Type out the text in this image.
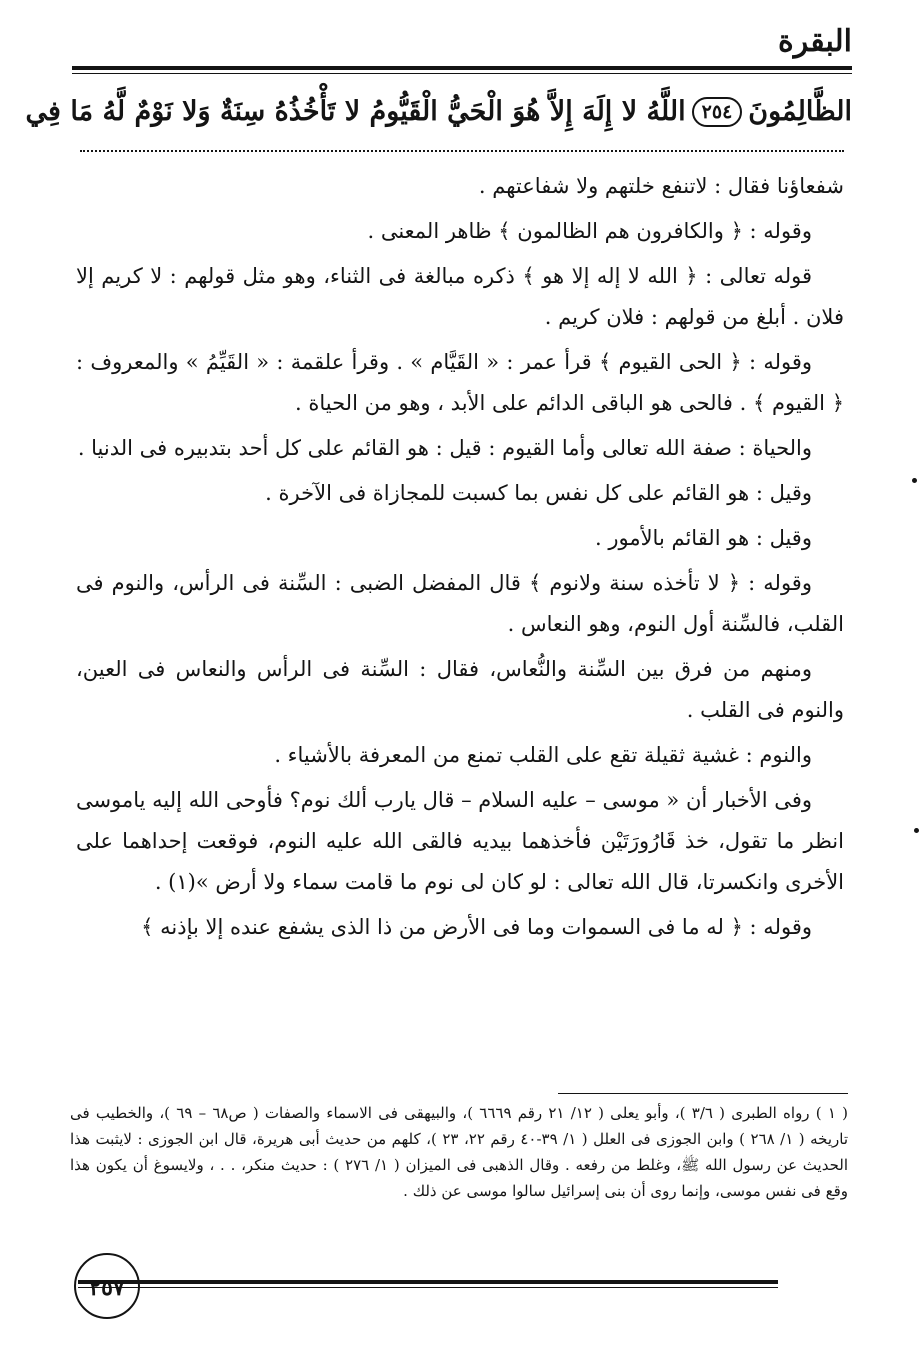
البقرة
الظَّالِمُونَ
٢٥٤
اللَّهُ لا إِلَهَ إِلاَّ هُوَ الْحَيُّ الْقَيُّومُ لا تَأْخُذُهُ سِنَةٌ وَلا نَوْمٌ لَّهُ مَا فِي

شفعاؤنا فقال : لاتنفع خلتهم ولا شفاعتهم .

وقوله : ﴿ والكافرون هم الظالمون ﴾ ظاهر المعنى .

قوله تعالى : ﴿ الله لا إله إلا هو ﴾ ذكره مبالغة فى الثناء، وهو مثل قولهم : لا كريم إلا فلان . أبلغ من قولهم : فلان كريم .

وقوله : ﴿ الحى القيوم ﴾ قرأ عمر : « القَيَّام » . وقرأ علقمة : « القَيِّمُ » والمعروف : ﴿ القيوم ﴾ . فالحى هو الباقى الدائم على الأبد ، وهو من الحياة .

والحياة : صفة الله تعالى وأما القيوم : قيل : هو القائم على كل أحد بتدبيره فى الدنيا .

وقيل : هو القائم على كل نفس بما كسبت للمجازاة فى الآخرة .

وقيل : هو القائم بالأمور .

وقوله : ﴿ لا تأخذه سنة ولانوم ﴾ قال المفضل الضبى : السِّنة فى الرأس، والنوم فى القلب، فالسِّنة أول النوم، وهو النعاس .

ومنهم من فرق بين السِّنة والنُّعاس، فقال : السِّنة فى الرأس والنعاس فى العين، والنوم فى القلب .

والنوم : غشية ثقيلة تقع على القلب تمنع من المعرفة بالأشياء .

وفى الأخبار أن « موسى – عليه السلام – قال يارب ألك نوم؟ فأوحى الله إليه ياموسى انظر ما تقول، خذ قَارُورَتَيْن فأخذهما بيديه فالقى الله عليه النوم، فوقعت إحداهما على الأخرى وانكسرتا، قال الله تعالى : لو كان لى نوم ما قامت سماء ولا أرض »(١) .

وقوله : ﴿ له ما فى السموات وما فى الأرض من ذا الذى يشفع عنده إلا بإذنه ﴾

( ١ ) رواه الطبرى ( ٣/٦ )، وأبو يعلى ( ١٢/ ٢١ رقم ٦٦٦٩ )، والبيهقى فى الاسماء والصفات ( ص٦٨ – ٦٩ )، والخطيب فى تاريخه ( ١/ ٢٦٨ ) وابن الجوزى فى العلل ( ١/ ٣٩-٤٠ رقم ٢٢، ٢٣ )، كلهم من حديث أبى هريرة، قال ابن الجوزى : لايثبت هذا الحديث عن رسول الله ﷺ، وغلط من رفعه . وقال الذهبى فى الميزان ( ١/ ٢٧٦ ) : حديث منكر، . . ، ولايسوغ أن يكون هذا وقع فى نفس موسى، وإنما روى أن بنى إسرائيل سالوا موسى عن ذلك .

٢٥٧
